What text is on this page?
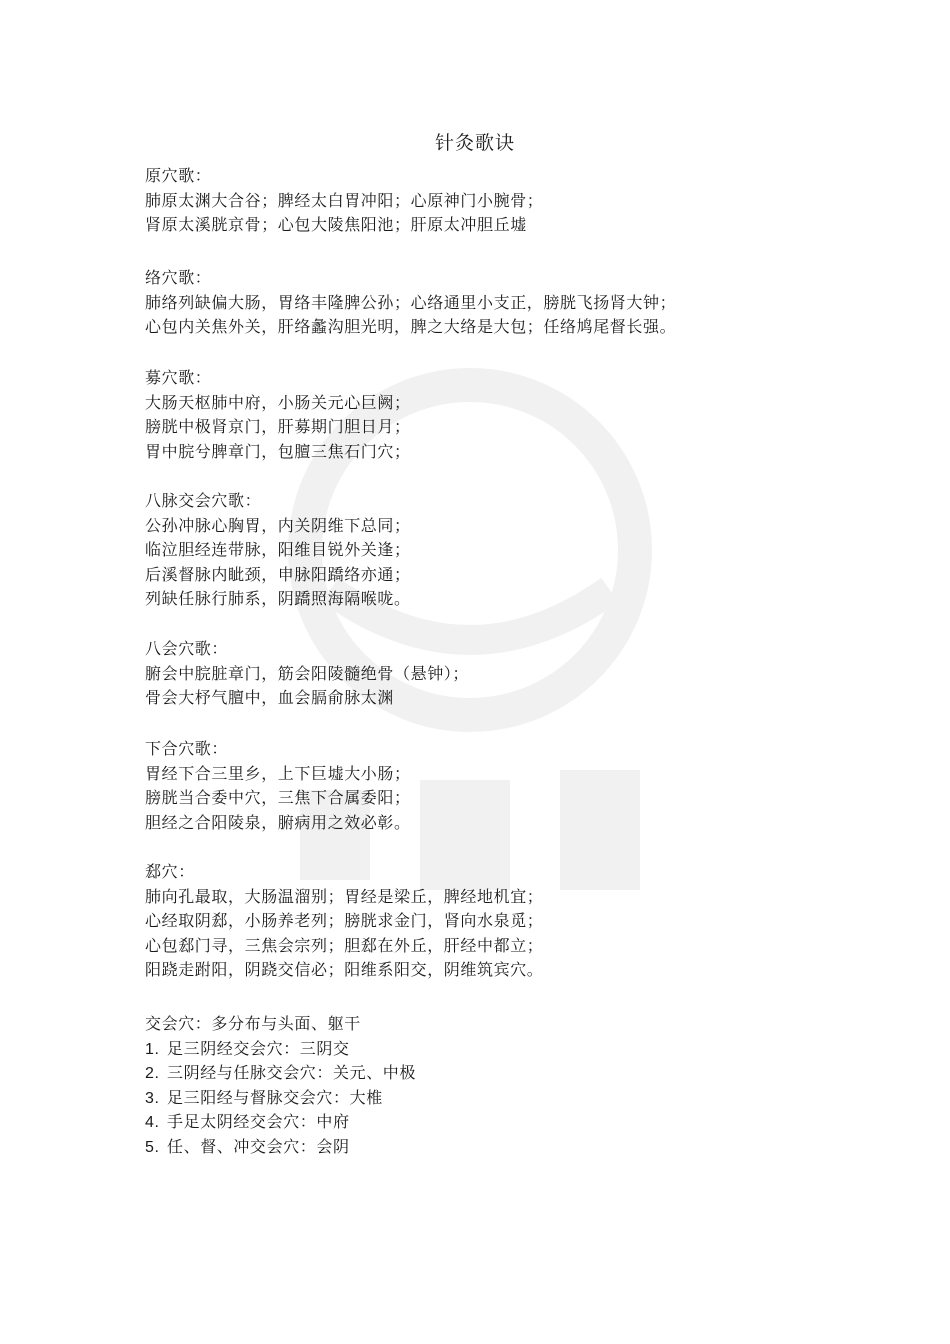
针灸歌诀
原穴歌：
肺原太渊大合谷；脾经太白胃冲阳；心原神门小腕骨；
肾原太溪胱京骨；心包大陵焦阳池；肝原太冲胆丘墟
络穴歌：
肺络列缺偏大肠，胃络丰隆脾公孙；心络通里小支正，膀胱飞扬肾大钟；
心包内关焦外关，肝络蠡沟胆光明，脾之大络是大包；任络鸠尾督长强。
募穴歌：
大肠天枢肺中府，小肠关元心巨阙；
膀胱中极肾京门，肝募期门胆日月；
胃中脘兮脾章门，包膻三焦石门穴；
八脉交会穴歌：
公孙冲脉心胸胃，内关阴维下总同；
临泣胆经连带脉，阳维目锐外关逢；
后溪督脉内眦颈，申脉阳蹻络亦通；
列缺任脉行肺系，阴蹻照海隔喉咙。
八会穴歌：
腑会中脘脏章门，筋会阳陵髓绝骨（悬钟）；
骨会大杼气膻中，血会膈俞脉太渊
下合穴歌：
胃经下合三里乡，上下巨墟大小肠；
膀胱当合委中穴，三焦下合属委阳；
胆经之合阳陵泉，腑病用之效必彰。
郄穴：
肺向孔最取，大肠温溜别；胃经是梁丘，脾经地机宜；
心经取阴郄，小肠养老列；膀胱求金门，肾向水泉觅；
心包郄门寻，三焦会宗列；胆郄在外丘，肝经中都立；
阳跷走跗阳，阴跷交信必；阳维系阳交，阴维筑宾穴。
交会穴：多分布与头面、躯干
1. 足三阴经交会穴：三阴交
2. 三阴经与任脉交会穴：关元、中极
3. 足三阳经与督脉交会穴：大椎
4. 手足太阴经交会穴：中府
5. 任、督、冲交会穴：会阴
